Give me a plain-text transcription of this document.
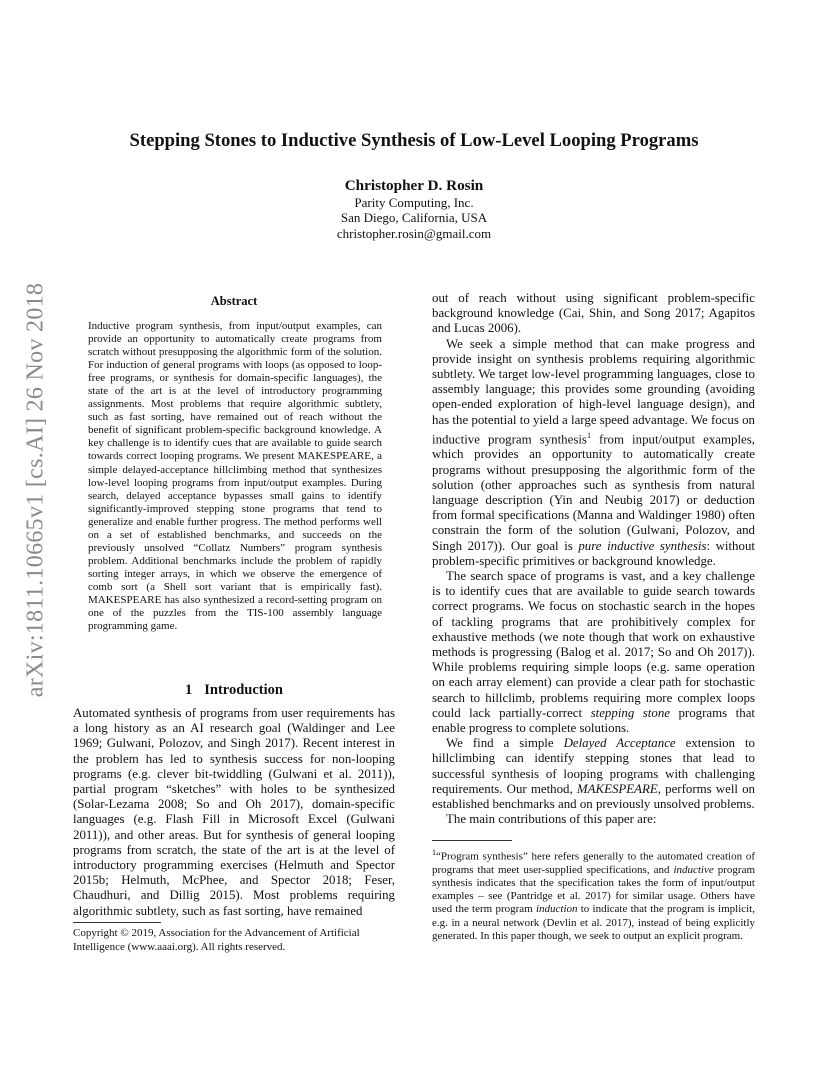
arXiv:1811.10665v1 [cs.AI] 26 Nov 2018
Stepping Stones to Inductive Synthesis of Low-Level Looping Programs
Christopher D. Rosin
Parity Computing, Inc.
San Diego, California, USA
christopher.rosin@gmail.com
Abstract
Inductive program synthesis, from input/output examples, can provide an opportunity to automatically create programs from scratch without presupposing the algorithmic form of the solution. For induction of general programs with loops (as opposed to loop-free programs, or synthesis for domain-specific languages), the state of the art is at the level of introductory programming assignments. Most problems that require algorithmic subtlety, such as fast sorting, have remained out of reach without the benefit of significant problem-specific background knowledge. A key challenge is to identify cues that are available to guide search towards correct looping programs. We present MAKESPEARE, a simple delayed-acceptance hillclimbing method that synthesizes low-level looping programs from input/output examples. During search, delayed acceptance bypasses small gains to identify significantly-improved stepping stone programs that tend to generalize and enable further progress. The method performs well on a set of established benchmarks, and succeeds on the previously unsolved “Collatz Numbers” program synthesis problem. Additional benchmarks include the problem of rapidly sorting integer arrays, in which we observe the emergence of comb sort (a Shell sort variant that is empirically fast). MAKESPEARE has also synthesized a record-setting program on one of the puzzles from the TIS-100 assembly language programming game.
1 Introduction

Automated synthesis of programs from user requirements has a long history as an AI research goal (Waldinger and Lee 1969; Gulwani, Polozov, and Singh 2017). Recent interest in the problem has led to synthesis success for non-looping programs (e.g. clever bit-twiddling (Gulwani et al. 2011)), partial program “sketches” with holes to be synthesized (Solar-Lezama 2008; So and Oh 2017), domain-specific languages (e.g. Flash Fill in Microsoft Excel (Gulwani 2011)), and other areas. But for synthesis of general looping programs from scratch, the state of the art is at the level of introductory programming exercises (Helmuth and Spector 2015b; Helmuth, McPhee, and Spector 2018; Feser, Chaudhuri, and Dillig 2015). Most problems requiring algorithmic subtlety, such as fast sorting, have remained

Copyright © 2019, Association for the Advancement of Artificial Intelligence (www.aaai.org). All rights reserved.

out of reach without using significant problem-specific background knowledge (Cai, Shin, and Song 2017; Agapitos and Lucas 2006).

We seek a simple method that can make progress and provide insight on synthesis problems requiring algorithmic subtlety. We target low-level programming languages, close to assembly language; this provides some grounding (avoiding open-ended exploration of high-level language design), and has the potential to yield a large speed advantage. We focus on inductive program synthesis$^1$ from input/output examples, which provides an opportunity to automatically create programs without presupposing the algorithmic form of the solution (other approaches such as synthesis from natural language description (Yin and Neubig 2017) or deduction from formal specifications (Manna and Waldinger 1980) often constrain the form of the solution (Gulwani, Polozov, and Singh 2017)). Our goal is pure inductive synthesis: without problem-specific primitives or background knowledge.

The search space of programs is vast, and a key challenge is to identify cues that are available to guide search towards correct programs. We focus on stochastic search in the hopes of tackling programs that are prohibitively complex for exhaustive methods (we note though that work on exhaustive methods is progressing (Balog et al. 2017; So and Oh 2017)). While problems requiring simple loops (e.g. same operation on each array element) can provide a clear path for stochastic search to hillclimb, problems requiring more complex loops could lack partially-correct stepping stone programs that enable progress to complete solutions.

We find a simple Delayed Acceptance extension to hillclimbing can identify stepping stones that lead to successful synthesis of looping programs with challenging requirements. Our method, MAKESPEARE, performs well on established benchmarks and on previously unsolved problems.

The main contributions of this paper are:

$^1$“Program synthesis” here refers generally to the automated creation of programs that meet user-supplied specifications, and inductive program synthesis indicates that the specification takes the form of input/output examples – see (Pantridge et al. 2017) for similar usage. Others have used the term program induction to indicate that the program is implicit, e.g. in a neural network (Devlin et al. 2017), instead of being explicitly generated. In this paper though, we seek to output an explicit program.
